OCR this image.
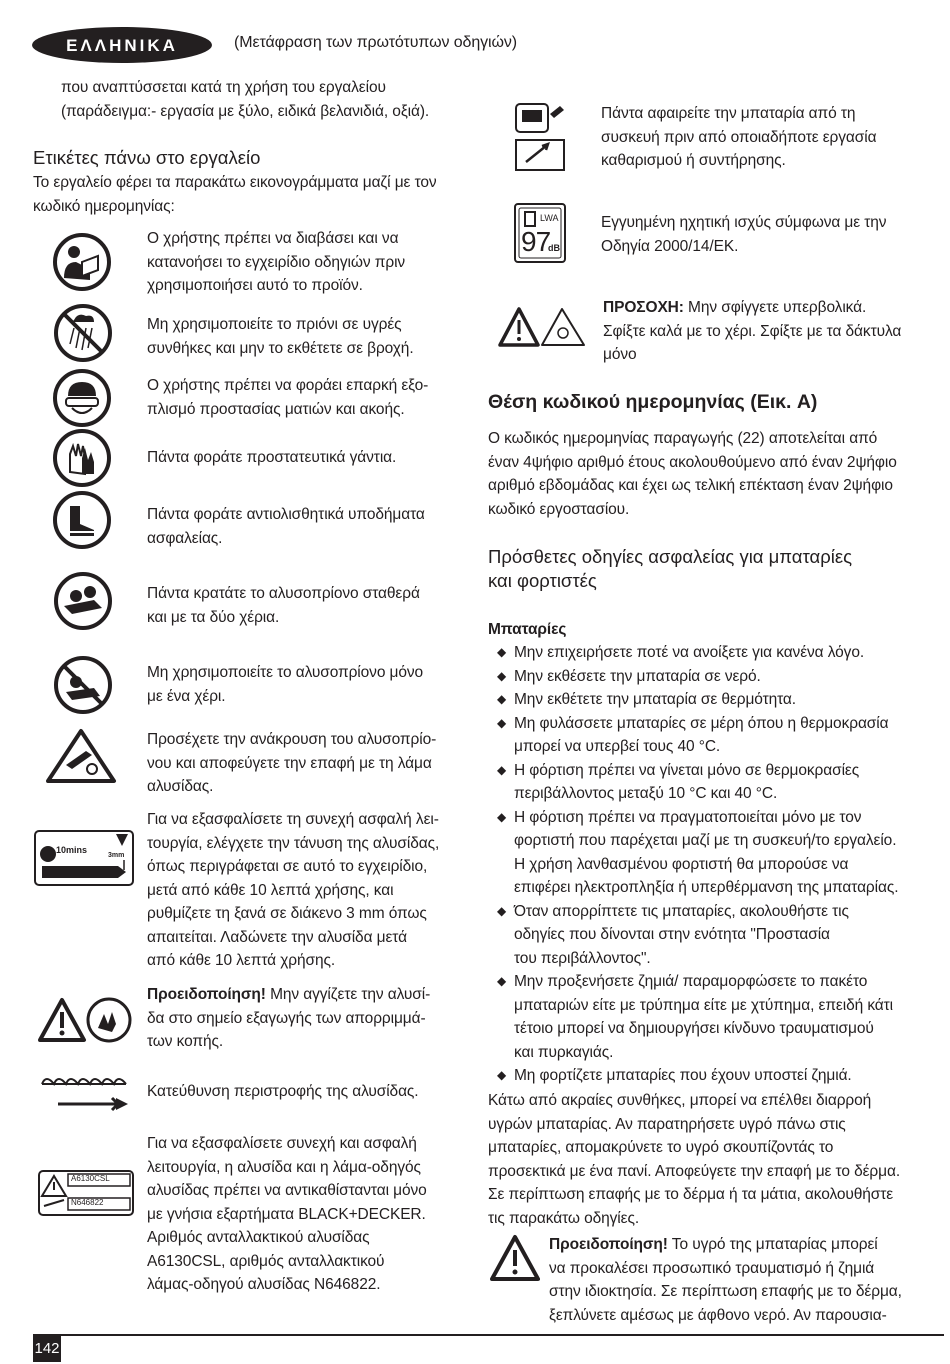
ΕΛΛΗΝΙΚΑ	(Μετάφραση των πρωτότυπων οδηγιών)
που αναπτύσσεται κατά τη χρήση του εργαλείου
(παράδειγμα:- εργασία με ξύλο, ειδικά βελανιδιά, οξιά).
Ετικέτες πάνω στο εργαλείο
Το εργαλείο φέρει τα παρακάτω εικονογράμματα μαζί με τον
κωδικό ημερομηνίας:
Ο χρήστης πρέπει να διαβάσει και να
κατανοήσει το εγχειρίδιο οδηγιών πριν
χρησιμοποιήσει αυτό το προϊόν.
Μη χρησιμοποιείτε το πριόνι σε υγρές
συνθήκες και μην το εκθέτετε σε βροχή.
Ο χρήστης πρέπει να φοράει επαρκή εξο-
πλισμό προστασίας ματιών και ακοής.
Πάντα φοράτε προστατευτικά γάντια.
Πάντα φοράτε αντιολισθητικά υποδήματα
ασφαλείας.
Πάντα κρατάτε το αλυσοπρίονο σταθερά
και με τα δύο χέρια.
Μη χρησιμοποιείτε το αλυσοπρίονο μόνο
με ένα χέρι.
Προσέχετε την ανάκρουση του αλυσοπρίο-
νου και αποφεύγετε την επαφή με τη λάμα
αλυσίδας.
10mins
3mm
Για να εξασφαλίσετε τη συνεχή ασφαλή λει-
τουργία, ελέγχετε την τάνυση της αλυσίδας,
όπως περιγράφεται σε αυτό το εγχειρίδιο,
μετά από κάθε 10 λεπτά χρήσης, και
ρυθμίζετε τη ξανά σε διάκενο 3 mm όπως
απαιτείται. Λαδώνετε την αλυσίδα μετά
από κάθε 10 λεπτά χρήσης.
Προειδοποίηση! Μην αγγίζετε την αλυσί-
δα στο σημείο εξαγωγής των απορριμμά-
των κοπής.
Κατεύθυνση περιστροφής της αλυσίδας.
A6130CSL
N646822
Για να εξασφαλίσετε συνεχή και ασφαλή
λειτουργία, η αλυσίδα και η λάμα-οδηγός
αλυσίδας πρέπει να αντικαθίστανται μόνο
με γνήσια εξαρτήματα BLACK+DECKER.
Αριθμός ανταλλακτικού αλυσίδας
A6130CSL, αριθμός ανταλλακτικού
λάμας-οδηγού αλυσίδας N646822.
Πάντα αφαιρείτε την μπαταρία από τη
συσκευή πριν από οποιαδήποτε εργασία
καθαρισμού ή συντήρησης.
LWA
97
dB
Εγγυημένη ηχητική ισχύς σύμφωνα με την
Οδηγία 2000/14/ΕΚ.
ΠΡΟΣΟΧΗ: Μην σφίγγετε υπερβολικά.
Σφίξτε καλά με το χέρι. Σφίξτε με τα δάκτυλα
μόνο
Θέση κωδικού ημερομηνίας (Εικ. A)
Ο κωδικός ημερομηνίας παραγωγής (22) αποτελείται από
έναν 4ψήφιο αριθμό έτους ακολουθούμενο από έναν 2ψήφιο
αριθμό εβδομάδας και έχει ως τελική επέκταση έναν 2ψήφιο
κωδικό εργοστασίου.
Πρόσθετες οδηγίες ασφαλείας για μπαταρίες
και φορτιστές
Μπαταρίες
◆ Μην επιχειρήσετε ποτέ να ανοίξετε για κανένα λόγο.
◆ Μην εκθέσετε την μπαταρία σε νερό.
◆ Μην εκθέτετε την μπαταρία σε θερμότητα.
◆ Μη φυλάσσετε μπαταρίες σε μέρη όπου η θερμοκρασία
μπορεί να υπερβεί τους 40 °C.
◆ Η φόρτιση πρέπει να γίνεται μόνο σε θερμοκρασίες
περιβάλλοντος μεταξύ 10 °C και 40 °C.
◆ Η φόρτιση πρέπει να πραγματοποιείται μόνο με τον
φορτιστή που παρέχεται μαζί με τη συσκευή/το εργαλείο.
Η χρήση λανθασμένου φορτιστή θα μπορούσε να
επιφέρει ηλεκτροπληξία ή υπερθέρμανση της μπαταρίας.
◆ Όταν απορρίπτετε τις μπαταρίες, ακολουθήστε τις
οδηγίες που δίνονται στην ενότητα "Προστασία
του περιβάλλοντος".
◆ Μην προξενήσετε ζημιά/ παραμορφώσετε το πακέτο
μπαταριών είτε με τρύπημα είτε με χτύπημα, επειδή κάτι
τέτοιο μπορεί να δημιουργήσει κίνδυνο τραυματισμού
και πυρκαγιάς.
◆ Μη φορτίζετε μπαταρίες που έχουν υποστεί ζημιά.
Κάτω από ακραίες συνθήκες, μπορεί να επέλθει διαρροή
υγρών μπαταρίας. Αν παρατηρήσετε υγρό πάνω στις
μπαταρίες, απομακρύνετε το υγρό σκουπίζοντάς το
προσεκτικά με ένα πανί. Αποφεύγετε την επαφή με το δέρμα.
Σε περίπτωση επαφής με το δέρμα ή τα μάτια, ακολουθήστε
τις παρακάτω οδηγίες.
Προειδοποίηση! Το υγρό της μπαταρίας μπορεί
να προκαλέσει προσωπικό τραυματισμό ή ζημιά
στην ιδιοκτησία. Σε περίπτωση επαφής με το δέρμα,
ξεπλύνετε αμέσως με άφθονο νερό. Αν παρουσια-
142
